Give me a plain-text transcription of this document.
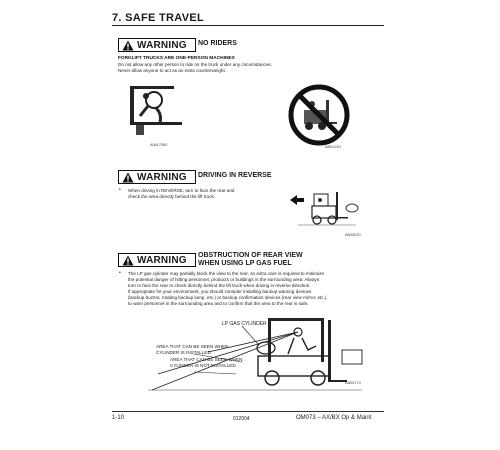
7. SAFE TRAVEL
WARNING NO RIDERS
FORKLIFT TRUCKS ARE ONE-PERSON MACHINES
Do not allow any other person to ride on the truck under any circumstances.
Never allow anyone to act as an extra counterweight.
A0617060	AB0113G
WARNING DRIVING IN REVERSE
• When driving in REVERSE, turn to face the rear and
check the area directly behind the lift truck.
AB00020
WARNING OBSTRUCTION OF REAR VIEW
WHEN USING LP GAS FUEL
• The LP gas cylinder may partially block the view to the rear, so extra care is required to minimize
the potential danger of hitting personnel, products or buildings in the surrounding area. Always
turn to face the rear to check directly behind the lift truck when driving in reverse direction.
If appropriate for your environment, you should consider installing backup warning devices
(backup buzzer, rotating backup lamp, etc.) or backup confirmation devices (rear view mirror, etc.)
to warn personnel in the surrounding area and to confirm that the area to the rear is safe.
LP GAS CYLINDER
AREA THAT CAN BE SEEN WHEN
CYLINDER IS INSTALLED
AREA THAT CAN BE SEEN WHEN
CYLINDER IS NOT INSTALLED
AB0017C
1-10	012004	OM073 – AX/BX Op & Maint
